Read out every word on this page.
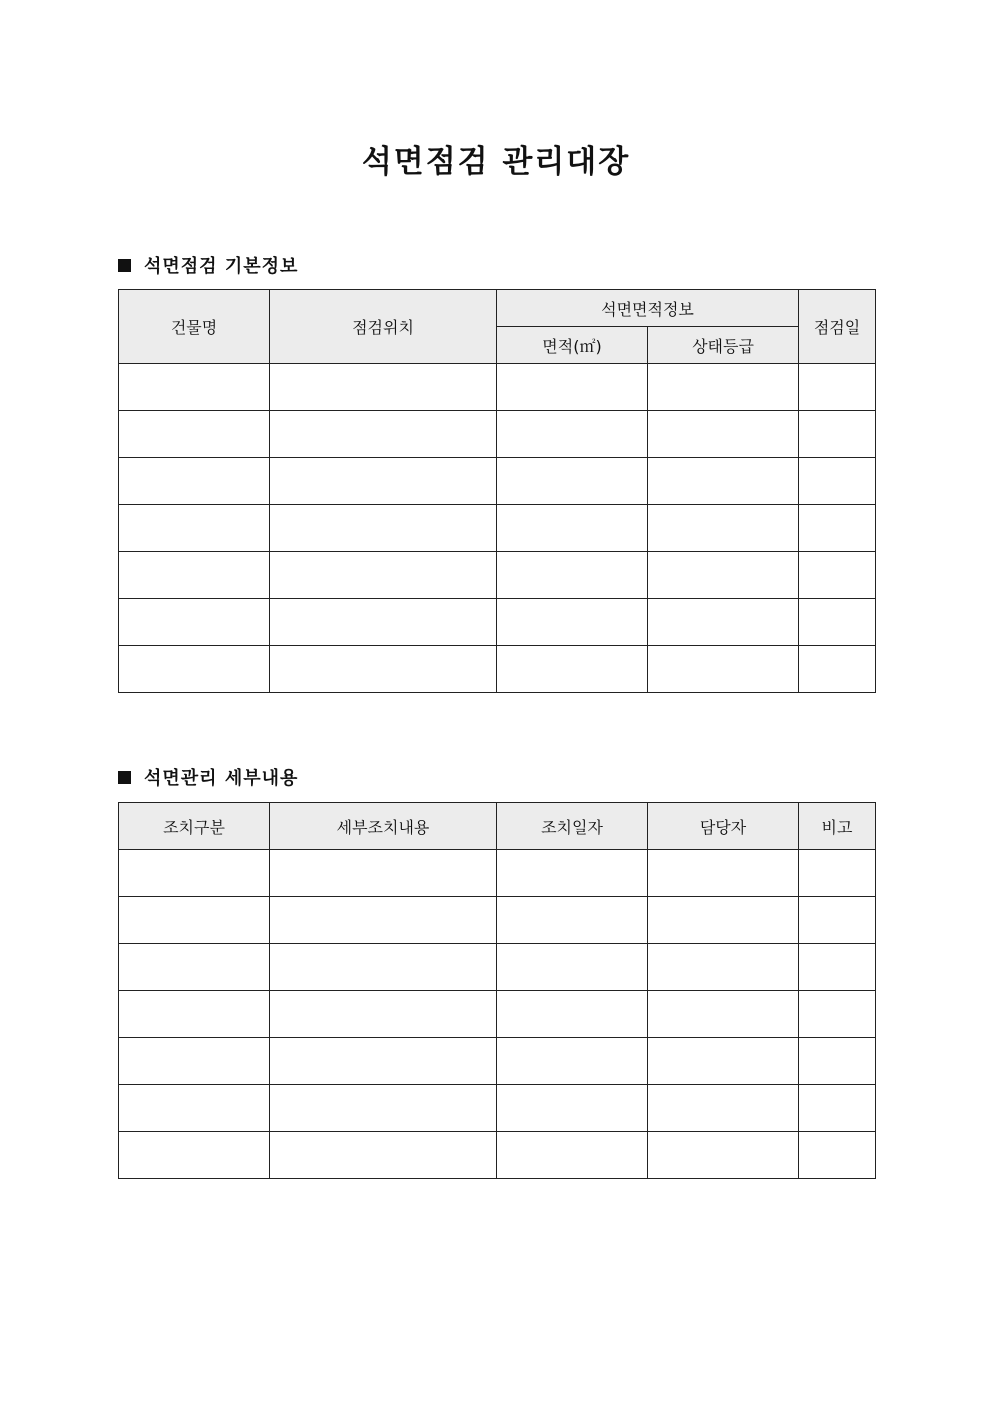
석면점검 관리대장
석면점검 기본정보
건물명	점검위치	석면면적정보		점검일
		면적(㎡)	상태등급	

석면관리 세부내용
조치구분	세부조치내용	조치일자	담당자	비고
